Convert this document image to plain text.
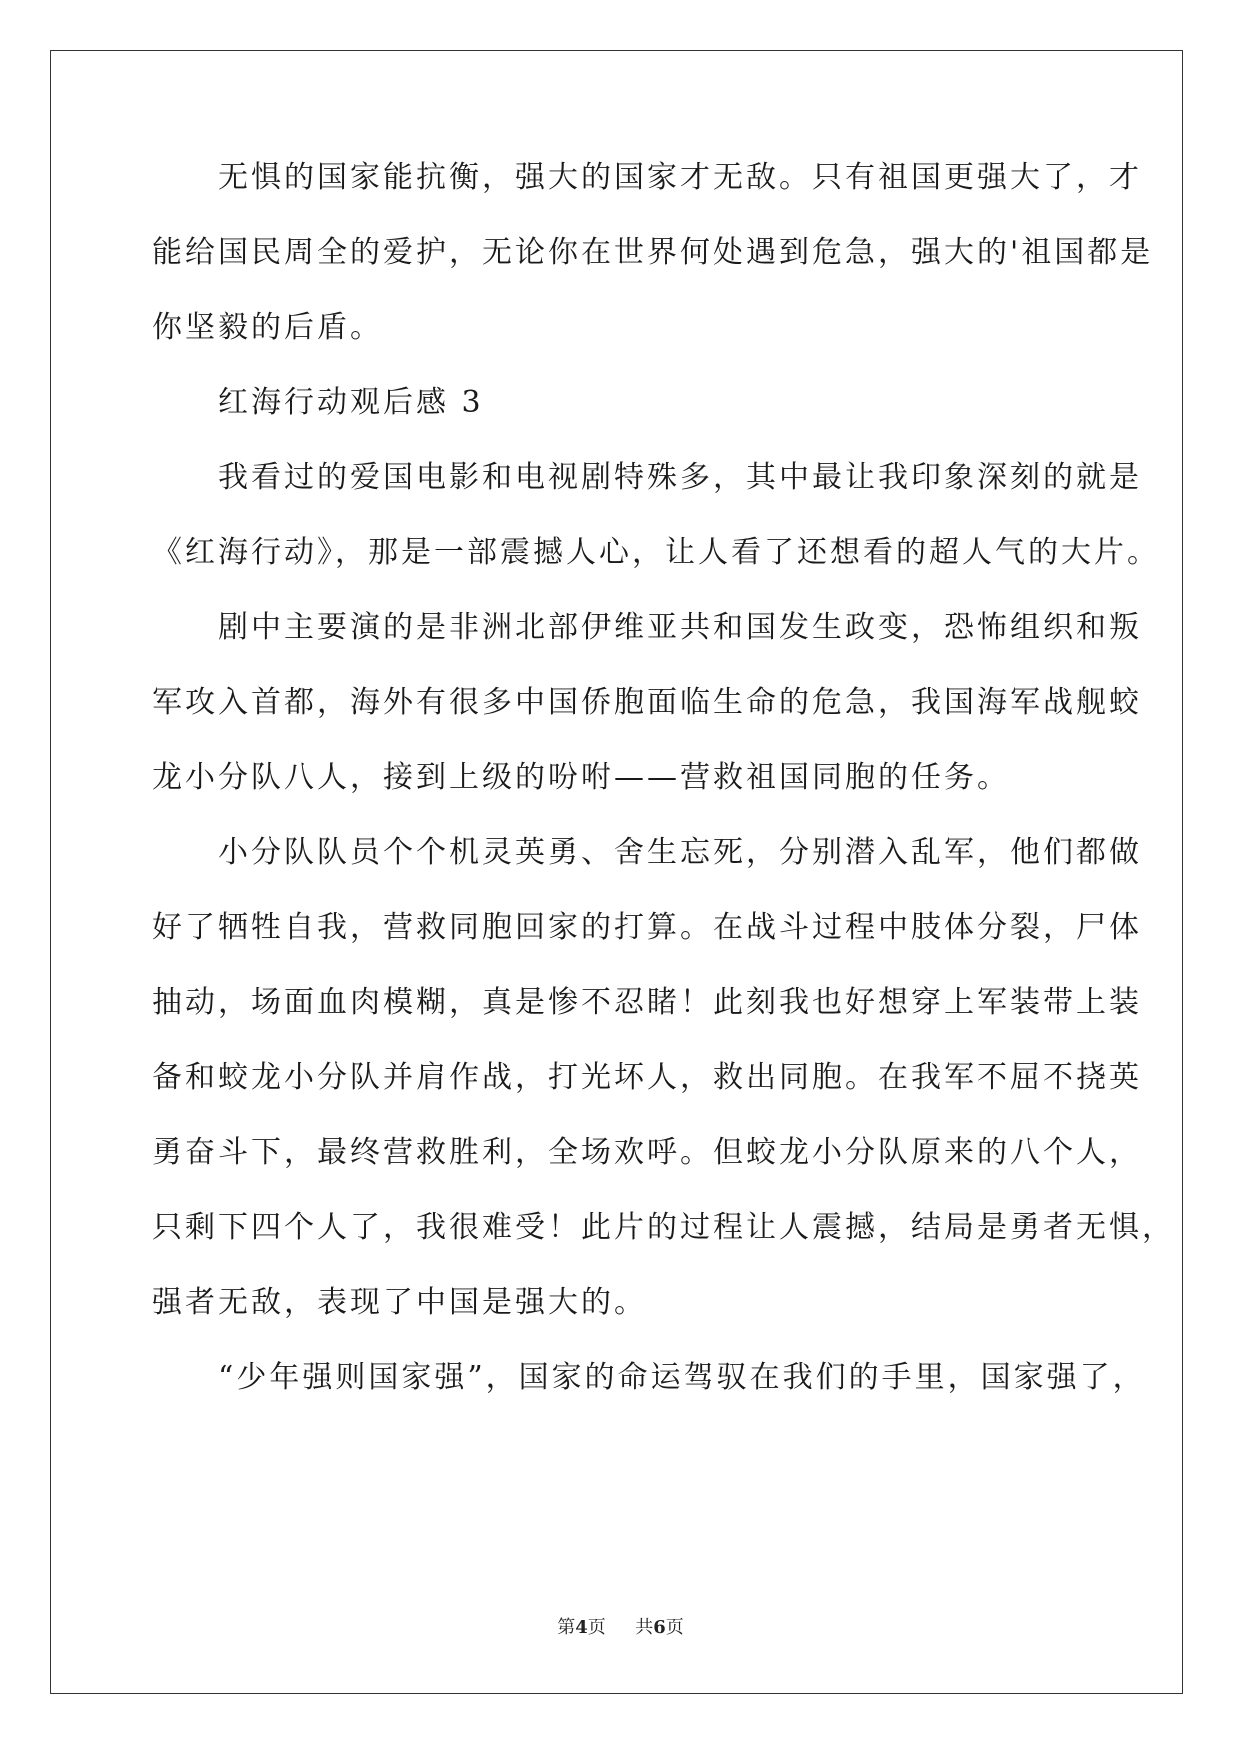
　　无惧的国家能抗衡，强大的国家才无敌。只有祖国更强大了，才
能给国民周全的爱护，无论你在世界何处遇到危急，强大的'祖国都是
你坚毅的后盾。
　　红海行动观后感 3
　　我看过的爱国电影和电视剧特殊多，其中最让我印象深刻的就是
《红海行动》，那是一部震撼人心，让人看了还想看的超人气的大片。
　　剧中主要演的是非洲北部伊维亚共和国发生政变，恐怖组织和叛
军攻入首都，海外有很多中国侨胞面临生命的危急，我国海军战舰蛟
龙小分队八人，接到上级的吩咐——营救祖国同胞的任务。
　　小分队队员个个机灵英勇、舍生忘死，分别潜入乱军，他们都做
好了牺牲自我，营救同胞回家的打算。在战斗过程中肢体分裂，尸体
抽动，场面血肉模糊，真是惨不忍睹！此刻我也好想穿上军装带上装
备和蛟龙小分队并肩作战，打光坏人，救出同胞。在我军不屈不挠英
勇奋斗下，最终营救胜利，全场欢呼。但蛟龙小分队原来的八个人，
只剩下四个人了，我很难受！此片的过程让人震撼，结局是勇者无惧，
强者无敌，表现了中国是强大的。
　　“少年强则国家强”，国家的命运驾驭在我们的手里，国家强了，
第4页 共6页
